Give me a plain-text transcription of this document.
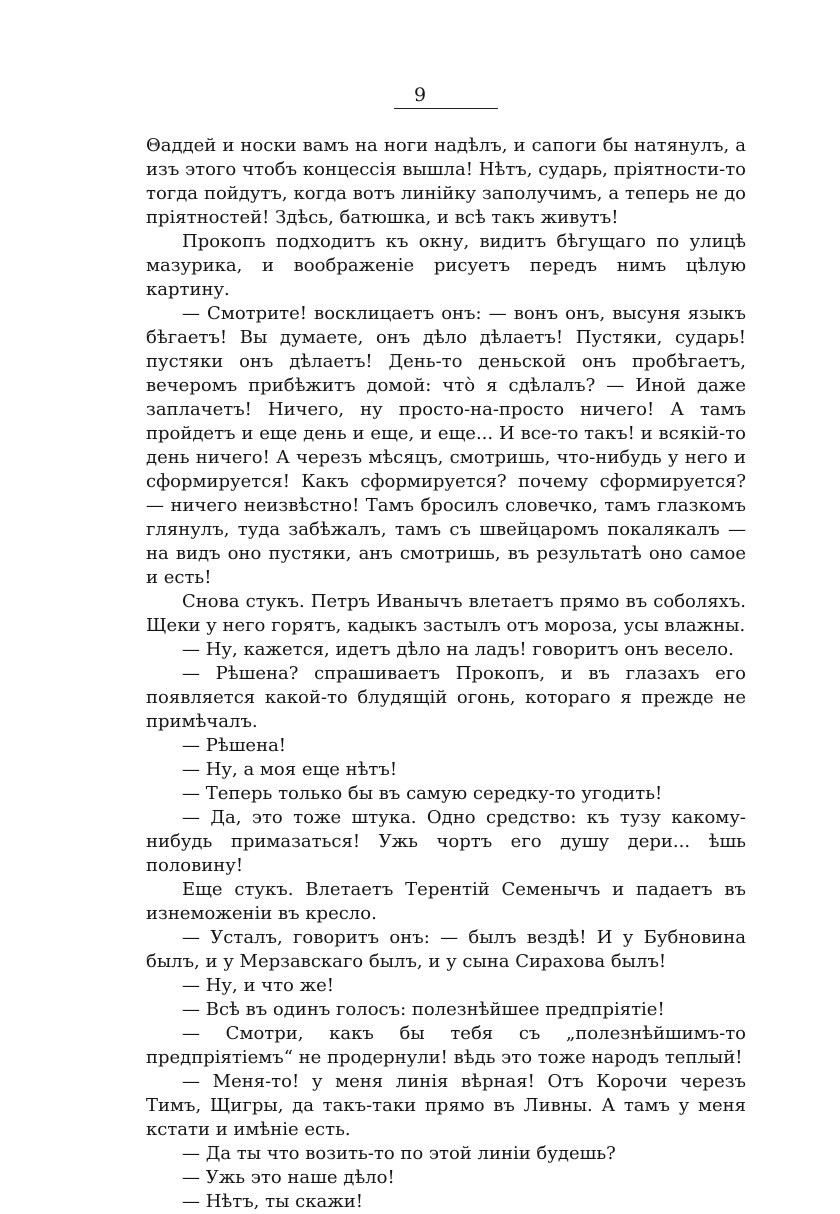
9

Θаддей и носки вамъ на ноги надѣлъ, и сапоги бы натянулъ, а изъ этого чтобъ концессія вышла! Нѣтъ, сударь, пріятности-то тогда пойдутъ, когда вотъ линійку заполучимъ, а теперь не до пріятностей! Здѣсь, батюшка, и всѣ такъ живутъ!

Прокопъ подходитъ къ окну, видитъ бѣгущаго по улицѣ мазурика, и воображеніе рисуетъ передъ нимъ цѣлую картину.

— Смотрите! восклицаетъ онъ: — вонъ онъ, высуня языкъ бѣгаетъ! Вы думаете, онъ дѣло дѣлаетъ! Пустяки, сударь! пустяки онъ дѣлаетъ! День-то деньской онъ пробѣгаетъ, вечеромъ прибѣжитъ домой: чтò я сдѣлалъ? — Иной даже заплачетъ! Ничего, ну просто-на-просто ничего! А тамъ пройдетъ и еще день и еще, и еще... И все-то такъ! и всякій-то день ничего! А черезъ мѣсяцъ, смотришь, что-нибудь у него и сформируется! Какъ сформируется? почему сформируется? — ничего неизвѣстно! Тамъ бросилъ словечко, тамъ глазкомъ глянулъ, туда забѣжалъ, тамъ съ швейцаромъ покалякалъ — на видъ оно пустяки, анъ смотришь, въ результатѣ оно самое и есть!

Снова стукъ. Петръ Иванычъ влетаетъ прямо въ соболяхъ. Щеки у него горятъ, кадыкъ застылъ отъ мороза, усы влажны.

— Ну, кажется, идетъ дѣло на ладъ! говоритъ онъ весело.

— Рѣшена? спрашиваетъ Прокопъ, и въ глазахъ его появляется какой-то блудящій огонь, котораго я прежде не примѣчалъ.

— Рѣшена!

— Ну, а моя еще нѣтъ!

— Теперь только бы въ самую середку-то угодить!

— Да, это тоже штука. Одно средство: къ тузу какому-нибудь примазаться! Ужь чортъ его душу дери... ѣшь половину!

Еще стукъ. Влетаетъ Терентій Семенычъ и падаетъ въ изнеможеніи въ кресло.

— Усталъ, говоритъ онъ: — былъ вездѣ! И у Бубновина былъ, и у Мерзавскаго былъ, и у сына Сирахова былъ!

— Ну, и что же!

— Всѣ въ одинъ голосъ: полезнѣйшее предпріятіе!

— Смотри, какъ бы тебя съ „полезнѣйшимъ-то предпріятіемъ“ не продернули! вѣдь это тоже народъ теплый!

— Меня-то! у меня линія вѣрная! Отъ Корочи черезъ Тимъ, Щигры, да такъ-таки прямо въ Ливны. А тамъ у меня кстати и имѣніе есть.

— Да ты что возить-то по этой линіи будешь?

— Ужь это наше дѣло!

— Нѣтъ, ты скажи!
